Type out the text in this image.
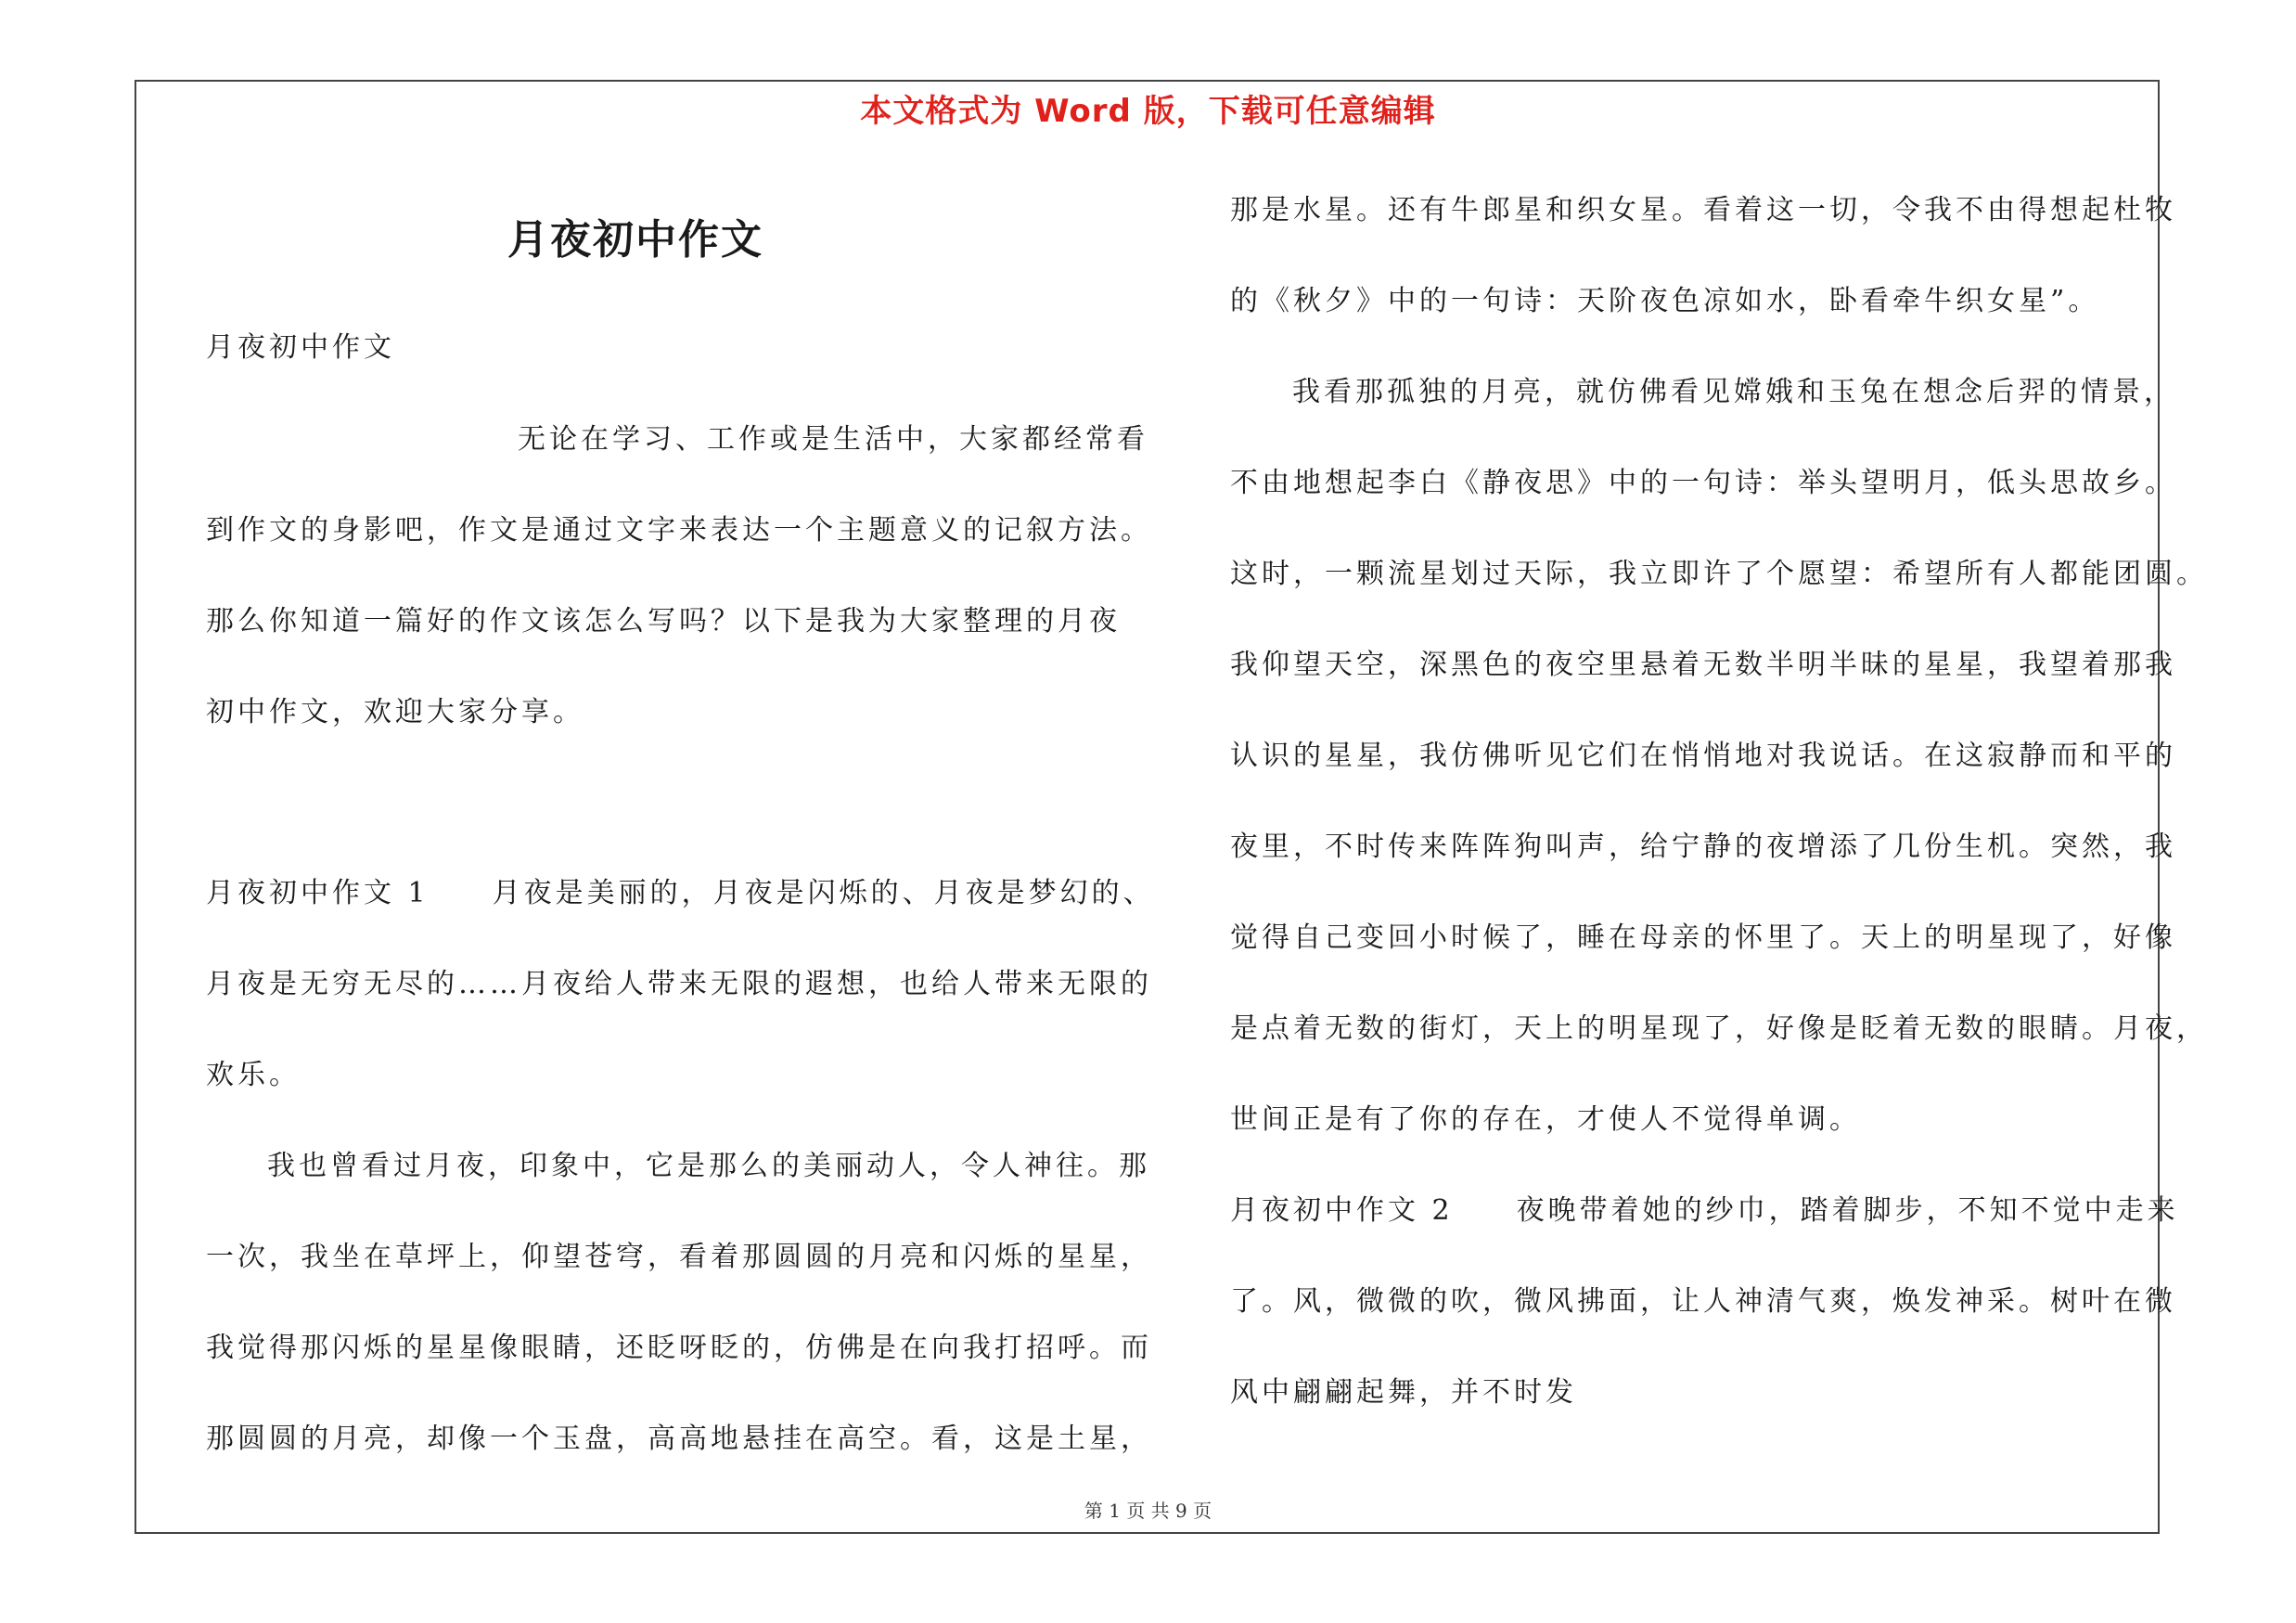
本文格式为 Word 版，下载可任意编辑
月夜初中作文
月夜初中作文
无论在学习、工作或是生活中，大家都经常看
到作文的身影吧，作文是通过文字来表达一个主题意义的记叙方法。
那么你知道一篇好的作文该怎么写吗？以下是我为大家整理的月夜
初中作文，欢迎大家分享。
月夜初中作文 1　　月夜是美丽的，月夜是闪烁的、月夜是梦幻的、
月夜是无穷无尽的……月夜给人带来无限的遐想，也给人带来无限的
欢乐。
我也曾看过月夜，印象中，它是那么的美丽动人，令人神往。那
一次，我坐在草坪上，仰望苍穹，看着那圆圆的月亮和闪烁的星星，
我觉得那闪烁的星星像眼睛，还眨呀眨的，仿佛是在向我打招呼。而
那圆圆的月亮，却像一个玉盘，高高地悬挂在高空。看，这是土星，
那是水星。还有牛郎星和织女星。看着这一切，令我不由得想起杜牧
的《秋夕》中的一句诗：天阶夜色凉如水，卧看牵牛织女星”。
我看那孤独的月亮，就仿佛看见嫦娥和玉兔在想念后羿的情景，
不由地想起李白《静夜思》中的一句诗：举头望明月，低头思故乡。
这时，一颗流星划过天际，我立即许了个愿望：希望所有人都能团圆。
我仰望天空，深黑色的夜空里悬着无数半明半昧的星星，我望着那我
认识的星星，我仿佛听见它们在悄悄地对我说话。在这寂静而和平的
夜里，不时传来阵阵狗叫声，给宁静的夜增添了几份生机。突然，我
觉得自己变回小时候了，睡在母亲的怀里了。天上的明星现了，好像
是点着无数的街灯，天上的明星现了，好像是眨着无数的眼睛。月夜，
世间正是有了你的存在，才使人不觉得单调。
月夜初中作文 2　　夜晚带着她的纱巾，踏着脚步，不知不觉中走来
了。风，微微的吹，微风拂面，让人神清气爽，焕发神采。树叶在微
风中翩翩起舞，并不时发
第 1 页 共 9 页
